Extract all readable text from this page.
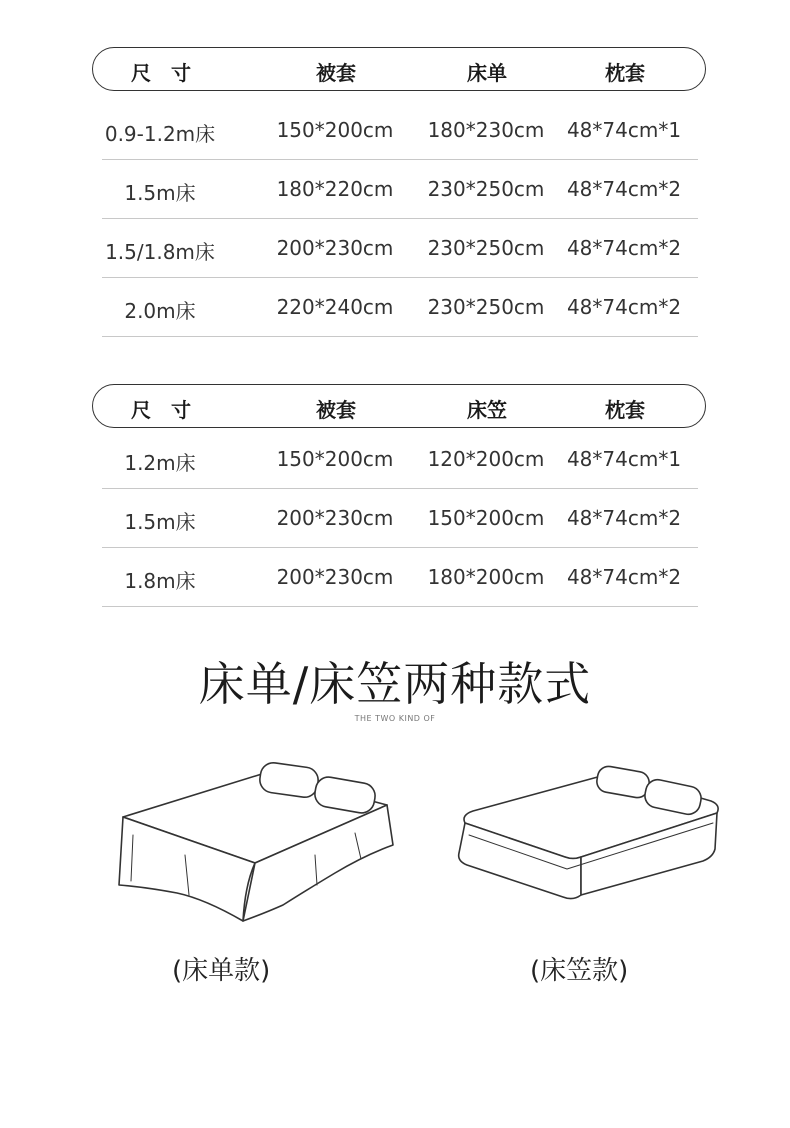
尺　寸	被套	床单	枕套
0.9-1.2m床	150*200cm 180*230cm 48*74cm*1
1.5m床	180*220cm 230*250cm 48*74cm*2
1.5/1.8m床	200*230cm 230*250cm 48*74cm*2
2.0m床	220*240cm 230*250cm 48*74cm*2
尺　寸	被套	床笠	枕套
1.2m床	150*200cm 120*200cm 48*74cm*1
1.5m床	200*230cm 150*200cm 48*74cm*2
1.8m床	200*230cm 180*200cm 48*74cm*2
床单/床笠两种款式
THE TWO KIND OF
(床单款)	(床笠款)
